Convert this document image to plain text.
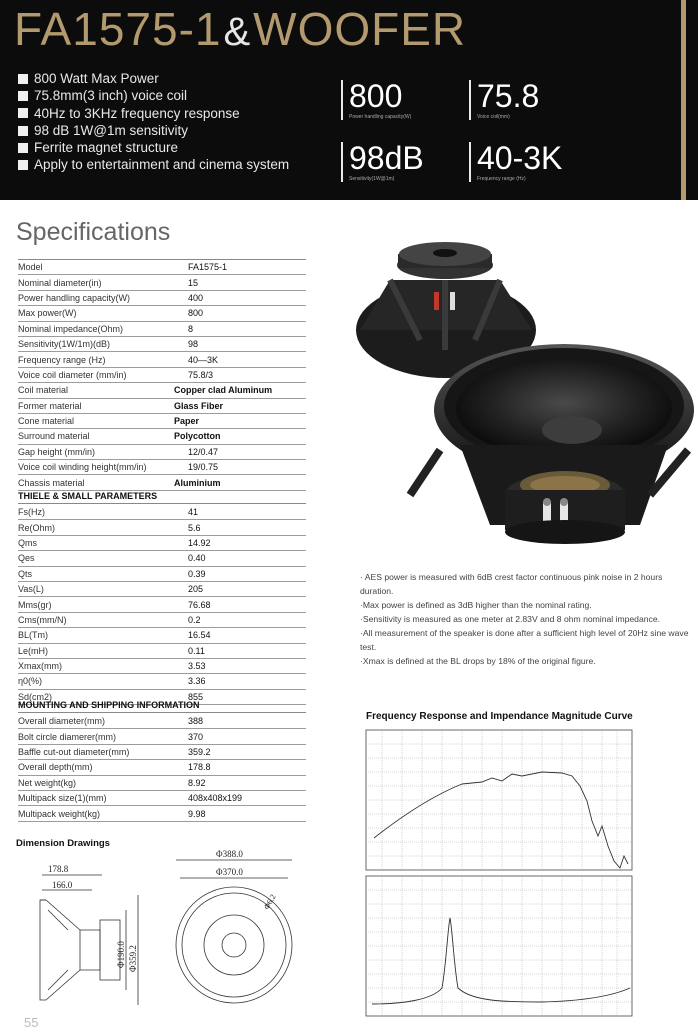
FA1575-1&WOOFER
800 Watt Max Power
75.8mm(3 inch) voice coil
40Hz to 3KHz frequency response
98 dB 1W@1m sensitivity
Ferrite magnet structure
Apply to entertainment and cinema system
800
Power handling capacity(W)
75.8
Voice coil(mm)
98dB
Sensitivity(1W@1m)
40-3K
Frequency range (Hz)
Specifications
Model	FA1575-1
Nominal diameter(in)	15
Power handling capacity(W)	400
Max power(W)	800
Nominal impedance(Ohm)	8
Sensitivity(1W/1m)(dB)	98
Frequency range (Hz)	40—3K
Voice coil diameter (mm/in)	75.8/3
Coil material	Copper clad Aluminum
Former material	Glass Fiber
Cone material	Paper
Surround material	Polycotton
Gap height (mm/in)	12/0.47
Voice coil winding height(mm/in)	19/0.75
Chassis material	Aluminium
THIELE & SMALL PARAMETERS
Fs(Hz)	41
Re(Ohm)	5.6
Qms	14.92
Qes	0.40
Qts	0.39
Vas(L)	205
Mms(gr)	76.68
Cms(mm/N)	0.2
BL(Tm)	16.54
Le(mH)	0.11
Xmax(mm)	3.53
η0(%)	3.36
Sd(cm2)	855
MOUNTING AND SHIPPING INFORMATION
Overall diameter(mm)	388
Bolt circle diamerer(mm)	370
Baffle cut-out diameter(mm)	359.2
Overall depth(mm)	178.8
Net weight(kg)	8.92
Multipack size(1)(mm)	408x408x199
Multipack weight(kg)	9.98
· AES power is measured with 6dB crest factor continuous pink noise in 2 hours duration.
·Max power is defined as 3dB higher than the nominal rating.
·Sensitivity is measured as one meter at 2.83V and 8 ohm nominal impedance.
·All measurement of the speaker is done after a sufficient high level of 20Hz sine wave test.
·Xmax is defined at the BL drops by 18% of the original figure.
Frequency Response and Impendance Magnitude Curve
Dimension Drawings
178.8
166.0
Φ190.0 Φ359.2
Φ388.0
Φ370.0
Φ6.2
55
